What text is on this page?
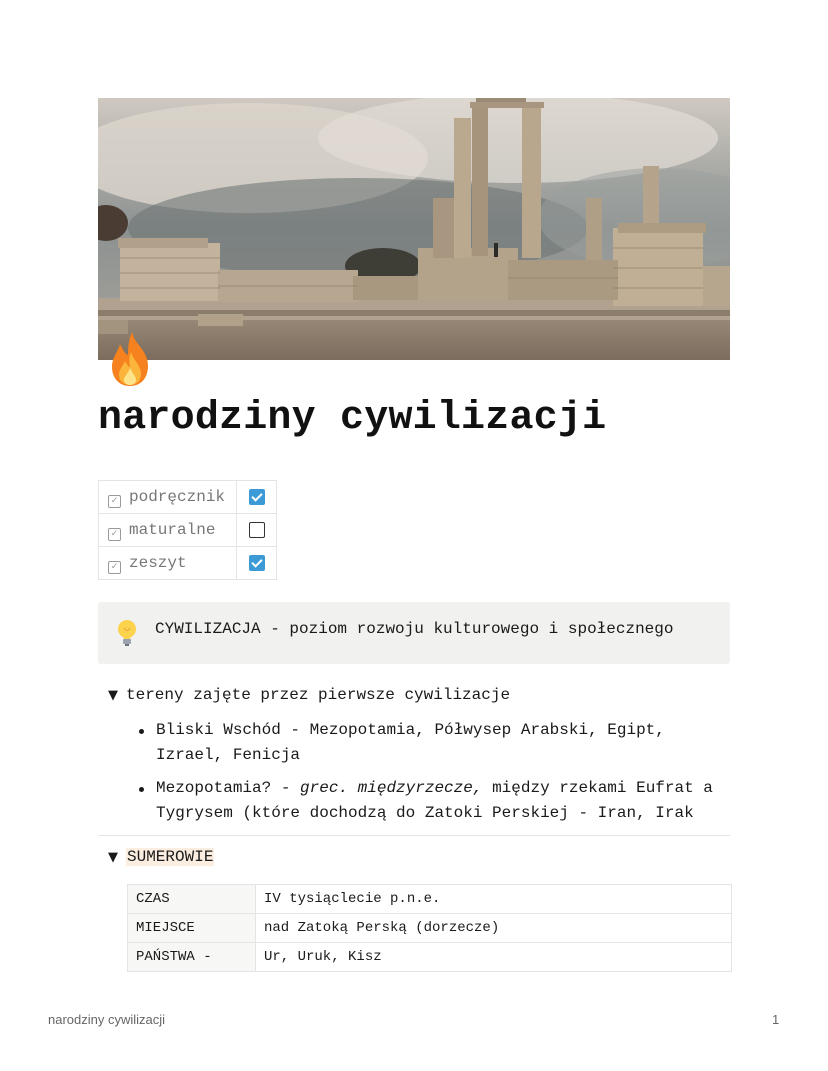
narodziny cywilizacji
✓ podręcznik	
✓ maturalne	
✓ zeszyt	
CYWILIZACJA - poziom rozwoju kulturowego i społecznego
▼ tereny zajęte przez pierwsze cywilizacje

Bliski Wschód - Mezopotamia, Półwysep Arabski, Egipt,
Izrael, Fenicja

Mezopotamia? - grec. międzyrzecze, między rzekami Eufrat a
Tygrysem (które dochodzą do Zatoki Perskiej - Iran, Irak

▼ SUMEROWIE
CZAS	IV tysiąclecie p.n.e.
MIEJSCE	nad Zatoką Perską (dorzecze)
PAŃSTWA -	Ur, Uruk, Kisz
narodziny cywilizacji	1
